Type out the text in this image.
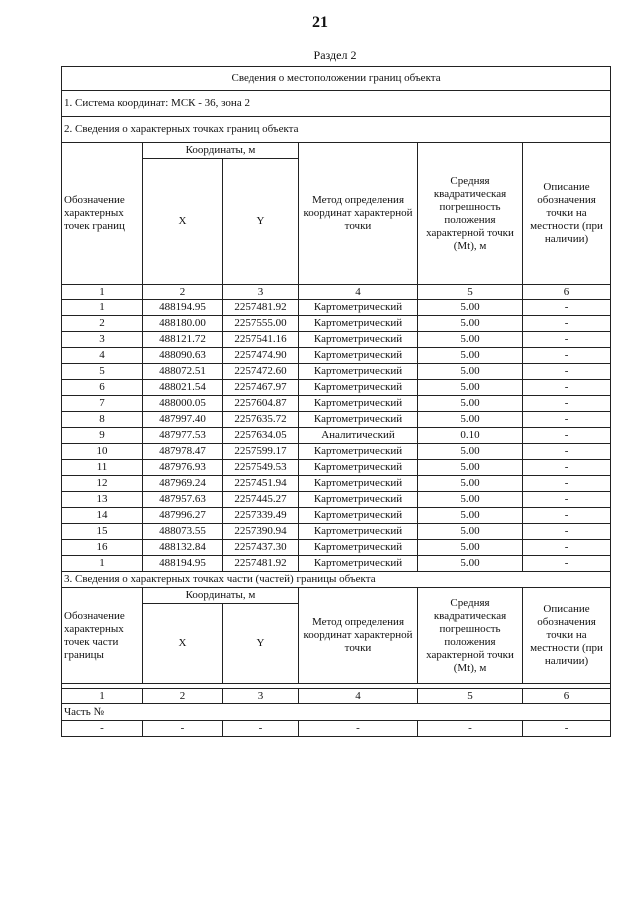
21
Раздел 2
Сведения о местоположении границ объекта					
1. Система координат: МСК - 36, зона 2					
2. Сведения о характерных точках границ объекта					
Обозначение характерных точек границ	Координаты, м		Метод определения координат характерной точки	Средняя квадратическая погрешность положения характерной точки (Mt), м	Описание обозначения точки на местности (при наличии)
	X	Y			
1	2	3	4	5	6
1	488194.95	2257481.92	Картометрический	5.00	-
2	488180.00	2257555.00	Картометрический	5.00	-
3	488121.72	2257541.16	Картометрический	5.00	-
4	488090.63	2257474.90	Картометрический	5.00	-
5	488072.51	2257472.60	Картометрический	5.00	-
6	488021.54	2257467.97	Картометрический	5.00	-
7	488000.05	2257604.87	Картометрический	5.00	-
8	487997.40	2257635.72	Картометрический	5.00	-
9	487977.53	2257634.05	Аналитический	0.10	-
10	487978.47	2257599.17	Картометрический	5.00	-
11	487976.93	2257549.53	Картометрический	5.00	-
12	487969.24	2257451.94	Картометрический	5.00	-
13	487957.63	2257445.27	Картометрический	5.00	-
14	487996.27	2257339.49	Картометрический	5.00	-
15	488073.55	2257390.94	Картометрический	5.00	-
16	488132.84	2257437.30	Картометрический	5.00	-
1	488194.95	2257481.92	Картометрический	5.00	-
3. Сведения о характерных точках части (частей) границы объекта					
Обозначение характерных точек части границы	Координаты, м		Метод определения координат характерной точки	Средняя квадратическая погрешность положения характерной точки (Mt), м	Описание обозначения точки на местности (при наличии)
	X	Y			

1	2	3	4	5	6
Часть №					
-	-	-	-	-	-
